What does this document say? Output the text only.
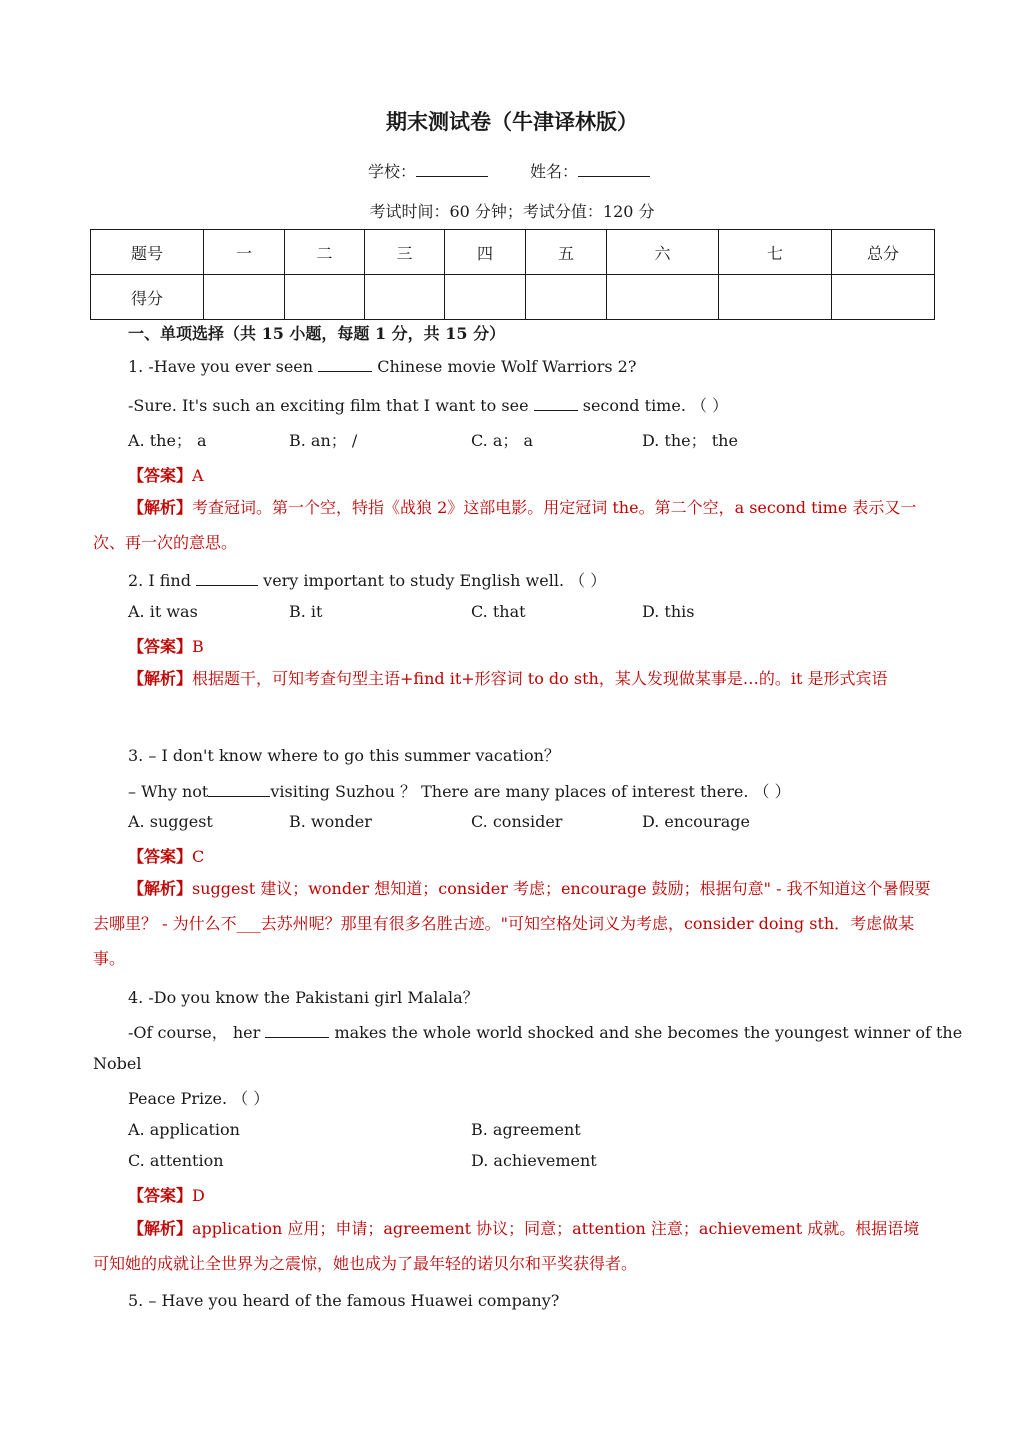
期末测试卷（牛津译林版）
学校：	姓名：
考试时间：60 分钟；考试分值：120 分
题号	一	二	三	四	五	六	七	总分
得分								
一、单项选择（共 15 小题，每题 1 分，共 15 分）
1. -Have you ever seen	Chinese movie Wolf Warriors 2?
-Sure. It's such an exciting film that I want to see	second time. （ ）
A. the； a	B. an； /	C. a； a	D. the； the
【答案】A
【解析】考查冠词。第一个空，特指《战狼 2》这部电影。用定冠词 the。第二个空，a second time 表示又一次、再一次的意思。
2. I find	very important to study English well. （ ）
A. it was	B. it	C. that	D. this
【答案】B
【解析】根据题干，可知考查句型主语+find it+形容词 to do sth，某人发现做某事是…的。it 是形式宾语
3. – I don't know where to go this summer vacation？
– Why not	visiting Suzhou ？ There are many places of interest there. （ ）
A. suggest	B. wonder	C. consider	D. encourage
【答案】C
【解析】suggest 建议；wonder 想知道；consider 考虑；encourage 鼓励；根据句意" - 我不知道这个暑假要去哪里？ - 为什么不___去苏州呢？那里有很多名胜古迹。"可知空格处词义为考虑，consider doing sth．考虑做某事。
4. -Do you know the Pakistani girl Malala？
-Of course， her	makes the whole world shocked and she becomes the youngest winner of the
Nobel
Peace Prize. （ ）
A. application	B. agreement
C. attention	D. achievement
【答案】D
【解析】application 应用；申请；agreement 协议；同意；attention 注意；achievement 成就。根据语境可知她的成就让全世界为之震惊，她也成为了最年轻的诺贝尔和平奖获得者。
5. – Have you heard of the famous Huawei company?
